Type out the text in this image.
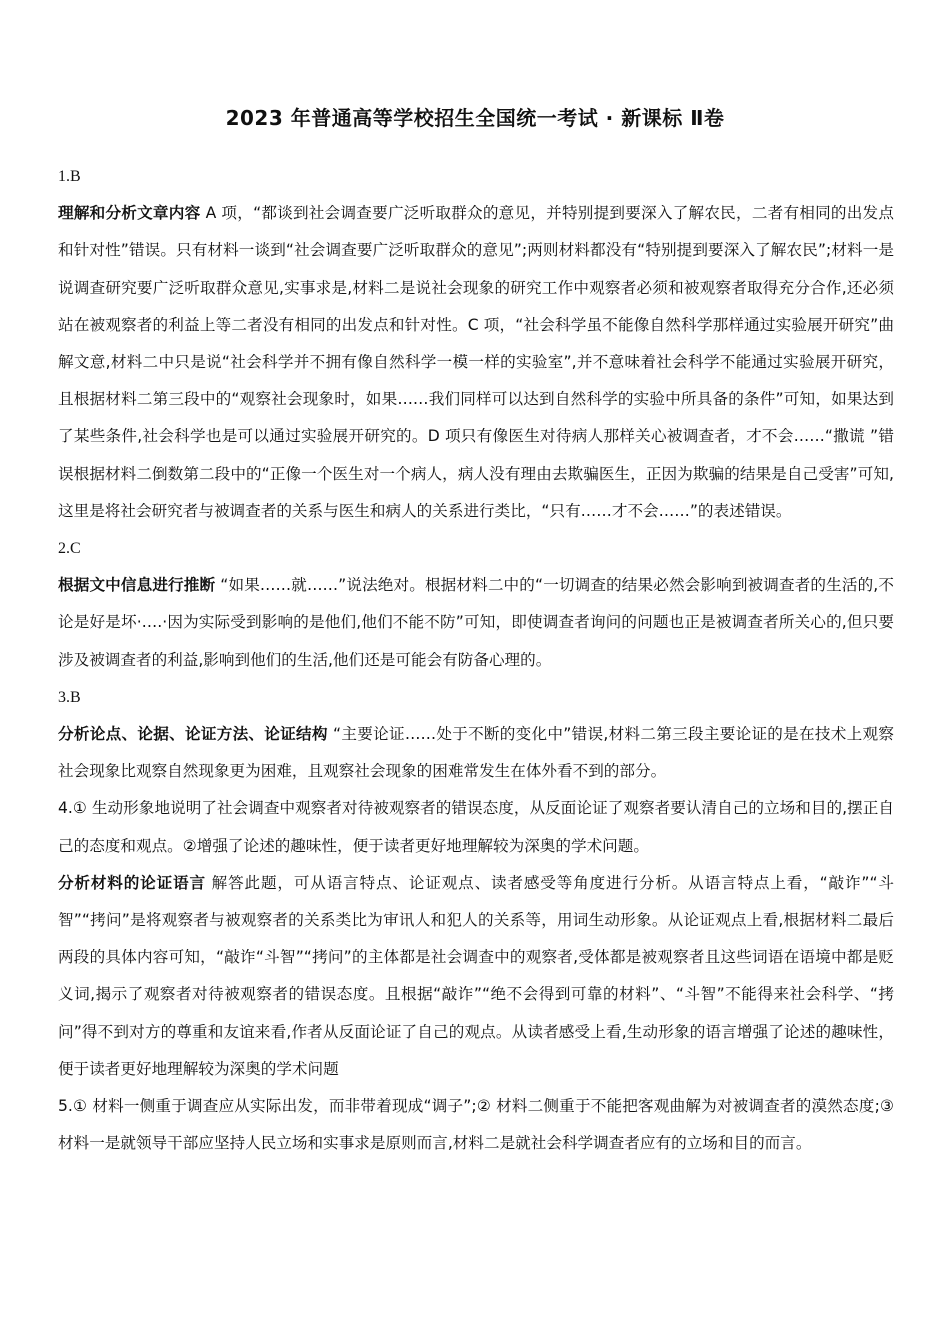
2023 年普通高等学校招生全国统一考试 · 新课标 Ⅱ卷
1.B
理解和分析文章内容 A 项，“都谈到社会调查要广泛听取群众的意见，并特别提到要深入了解农民，二者有相同的出发点和针对性”错误。只有材料一谈到“社会调查要广泛听取群众的意见”;两则材料都没有“特别提到要深入了解农民”;材料一是说调查研究要广泛听取群众意见,实事求是,材料二是说社会现象的研究工作中观察者必须和被观察者取得充分合作,还必须站在被观察者的利益上等二者没有相同的出发点和针对性。C 项，“社会科学虽不能像自然科学那样通过实验展开研究”曲解文意,材料二中只是说“社会科学并不拥有像自然科学一模一样的实验室”,并不意味着社会科学不能通过实验展开研究，且根据材料二第三段中的“观察社会现象时，如果……我们同样可以达到自然科学的实验中所具备的条件”可知，如果达到了某些条件,社会科学也是可以通过实验展开研究的。D 项只有像医生对待病人那样关心被调查者，才不会……“撒谎 ”错误根据材料二倒数第二段中的“正像一个医生对一个病人，病人没有理由去欺骗医生，正因为欺骗的结果是自己受害”可知,这里是将社会研究者与被调查者的关系与医生和病人的关系进行类比，“只有……才不会……”的表述错误。
2.C
根据文中信息进行推断 “如果……就……”说法绝对。根据材料二中的“一切调查的结果必然会影响到被调查者的生活的,不论是好是坏·….·因为实际受到影响的是他们,他们不能不防”可知，即使调查者询问的问题也正是被调查者所关心的,但只要涉及被调查者的利益,影响到他们的生活,他们还是可能会有防备心理的。
3.B
分析论点、论据、论证方法、论证结构 “主要论证……处于不断的变化中”错误,材料二第三段主要论证的是在技术上观察社会现象比观察自然现象更为困难，且观察社会现象的困难常发生在体外看不到的部分。
4.① 生动形象地说明了社会调查中观察者对待被观察者的错误态度，从反面论证了观察者要认清自己的立场和目的,摆正自己的态度和观点。②增强了论述的趣味性，便于读者更好地理解较为深奥的学术问题。
分析材料的论证语言 解答此题，可从语言特点、论证观点、读者感受等角度进行分析。从语言特点上看，“敲诈”“斗智”“拷问”是将观察者与被观察者的关系类比为审讯人和犯人的关系等，用词生动形象。从论证观点上看,根据材料二最后两段的具体内容可知，“敲诈“斗智”“拷问”的主体都是社会调查中的观察者,受体都是被观察者且这些词语在语境中都是贬义词,揭示了观察者对待被观察者的错误态度。且根据“敲诈”“绝不会得到可靠的材料”、“斗智”不能得来社会科学、“拷问”得不到对方的尊重和友谊来看,作者从反面论证了自己的观点。从读者感受上看,生动形象的语言增强了论述的趣味性，便于读者更好地理解较为深奥的学术问题
5.① 材料一侧重于调查应从实际出发，而非带着现成“调子”;② 材料二侧重于不能把客观曲解为对被调查者的漠然态度;③ 材料一是就领导干部应坚持人民立场和实事求是原则而言,材料二是就社会科学调查者应有的立场和目的而言。
